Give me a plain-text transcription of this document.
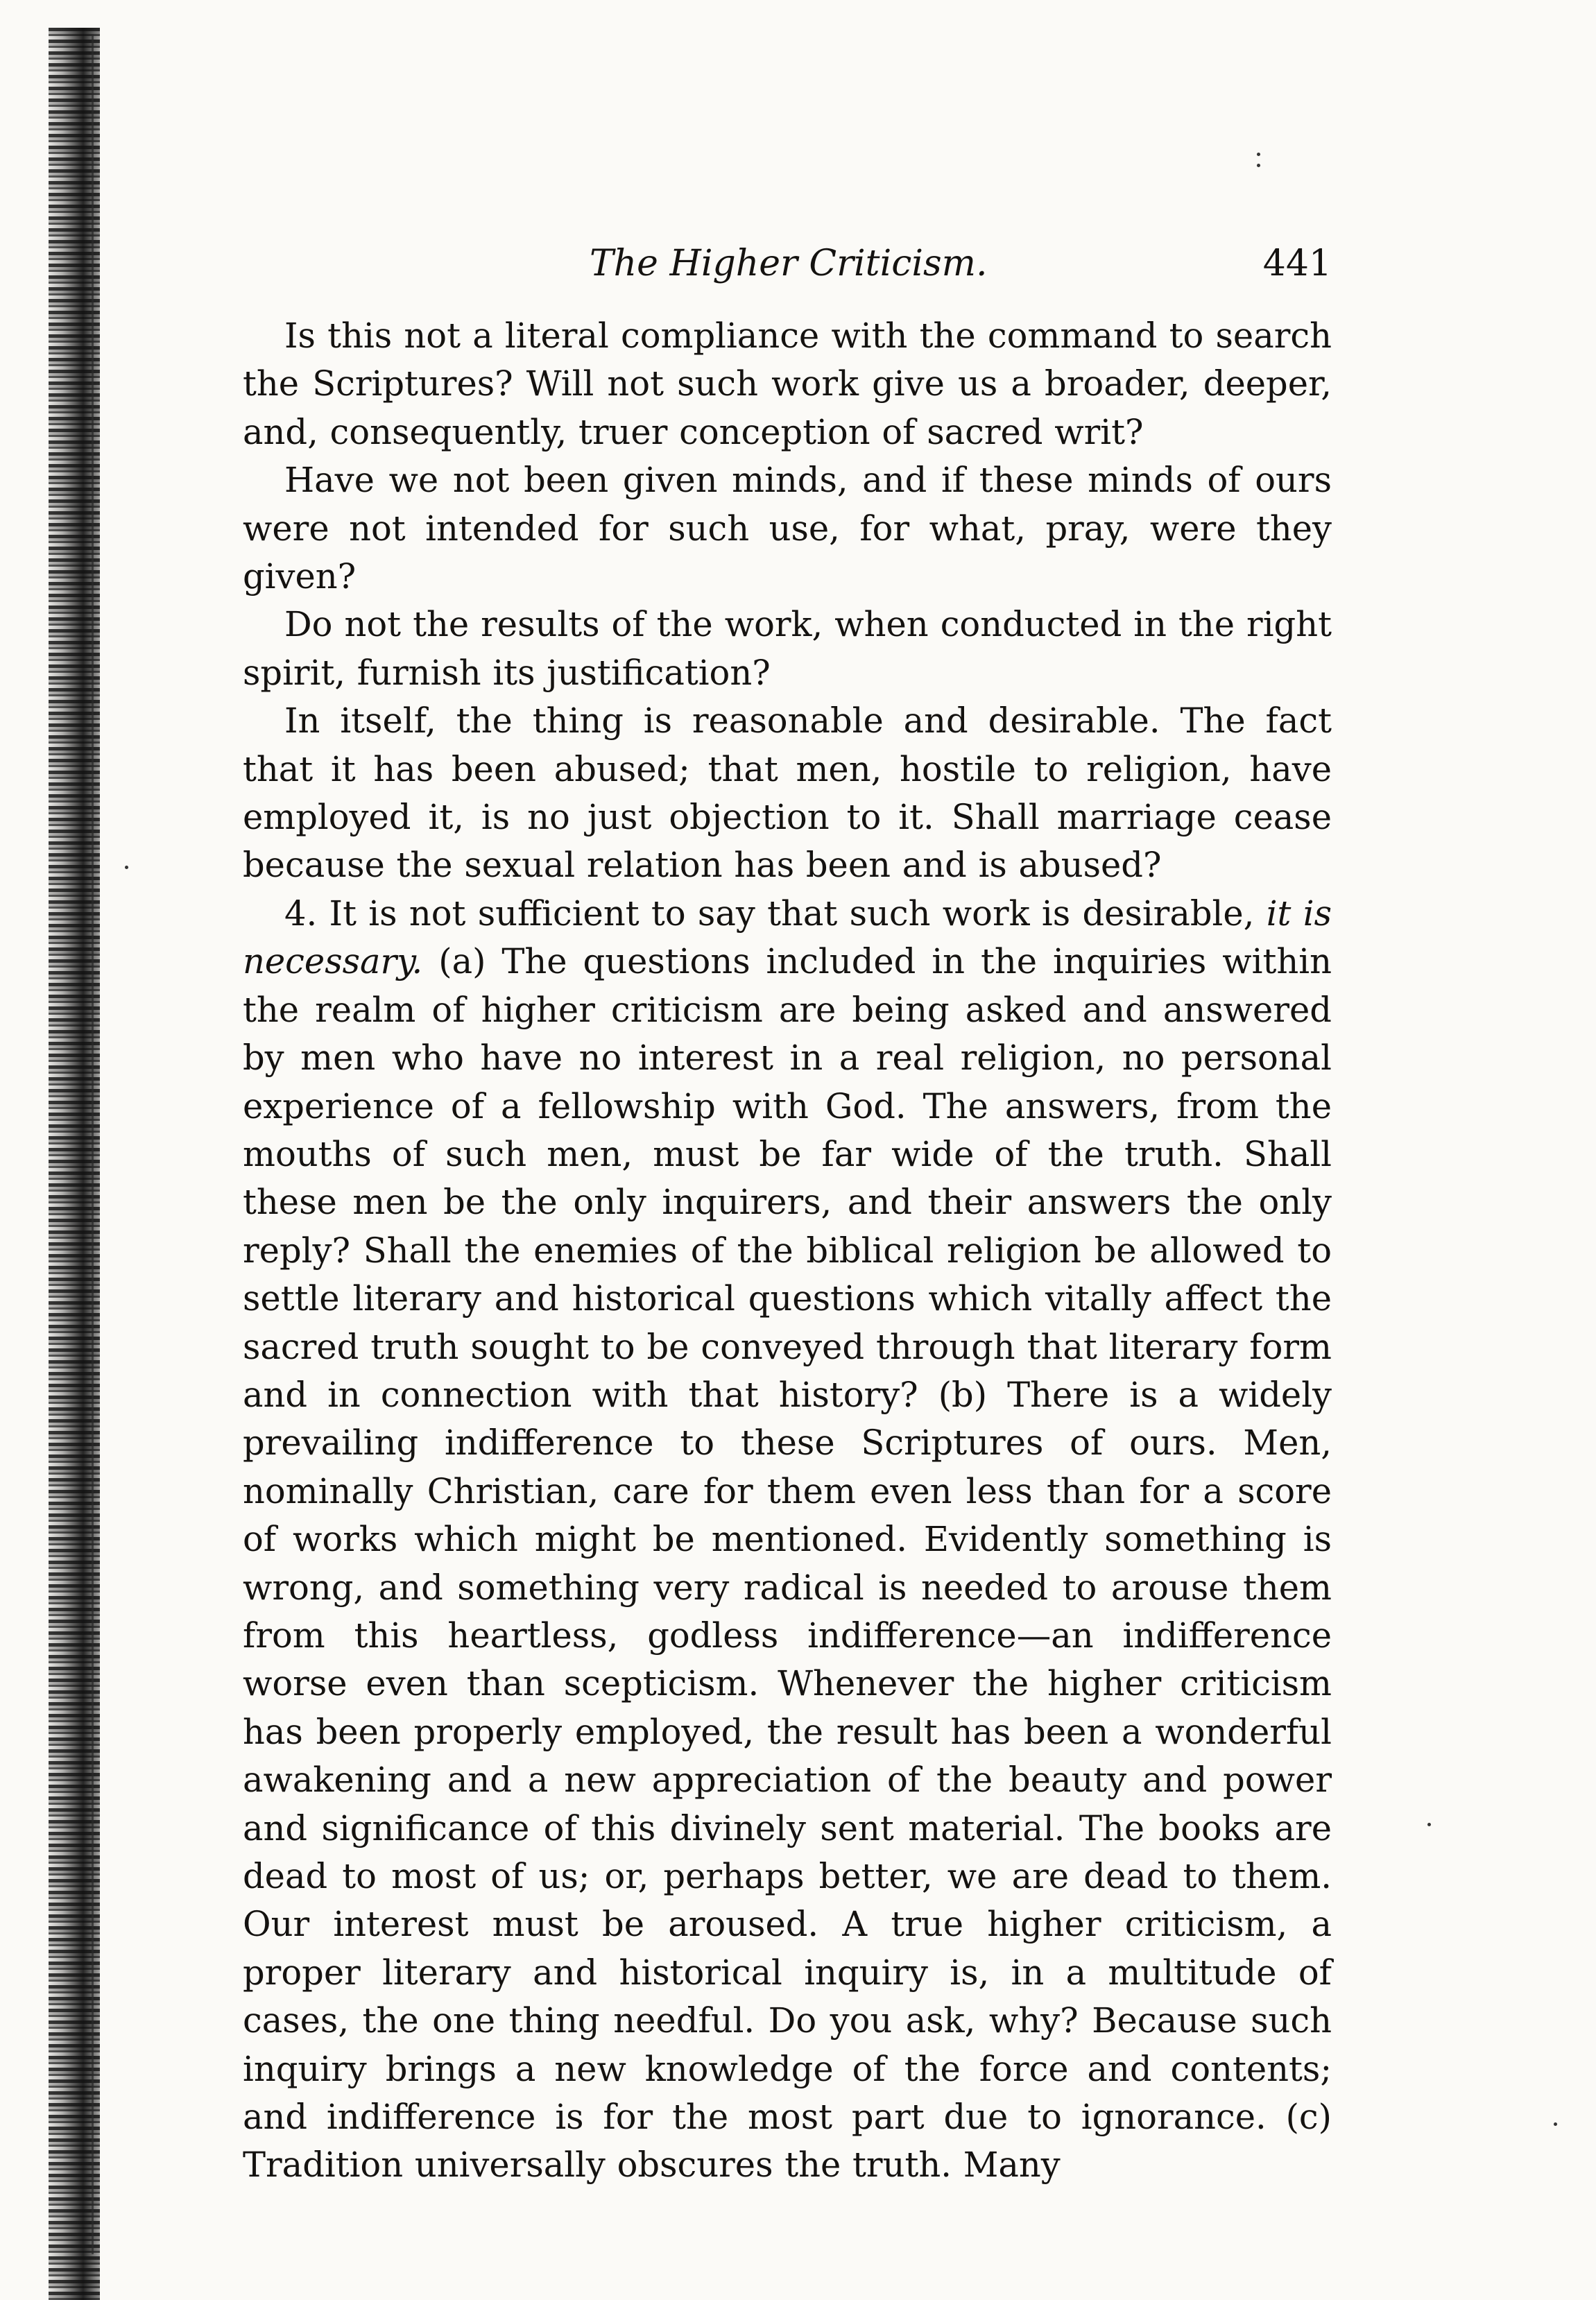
The Higher Criticism.	441

Is this not a literal compliance with the command to search the Scriptures? Will not such work give us a broader, deeper, and, consequently, truer conception of sacred writ?

Have we not been given minds, and if these minds of ours were not intended for such use, for what, pray, were they given?

Do not the results of the work, when conducted in the right spirit, furnish its justification?

In itself, the thing is reasonable and desirable. The fact that it has been abused; that men, hostile to religion, have employed it, is no just objection to it. Shall marriage cease because the sexual relation has been and is abused?

4. It is not sufficient to say that such work is desirable, it is necessary. (a) The questions included in the inquiries within the realm of higher criticism are being asked and answered by men who have no interest in a real religion, no personal experience of a fellowship with God. The answers, from the mouths of such men, must be far wide of the truth. Shall these men be the only inquirers, and their answers the only reply? Shall the enemies of the biblical religion be allowed to settle literary and historical questions which vitally affect the sacred truth sought to be conveyed through that literary form and in connection with that history? (b) There is a widely prevailing indifference to these Scriptures of ours. Men, nominally Christian, care for them even less than for a score of works which might be mentioned. Evidently something is wrong, and something very radical is needed to arouse them from this heartless, godless indifference—an indifference worse even than scepticism. Whenever the higher criticism has been properly employed, the result has been a wonderful awakening and a new appreciation of the beauty and power and significance of this divinely sent material. The books are dead to most of us; or, perhaps better, we are dead to them. Our interest must be aroused. A true higher criticism, a proper literary and historical inquiry is, in a multitude of cases, the one thing needful. Do you ask, why? Because such inquiry brings a new knowledge of the force and contents; and indifference is for the most part due to ignorance. (c) Tradition universally obscures the truth. Many
